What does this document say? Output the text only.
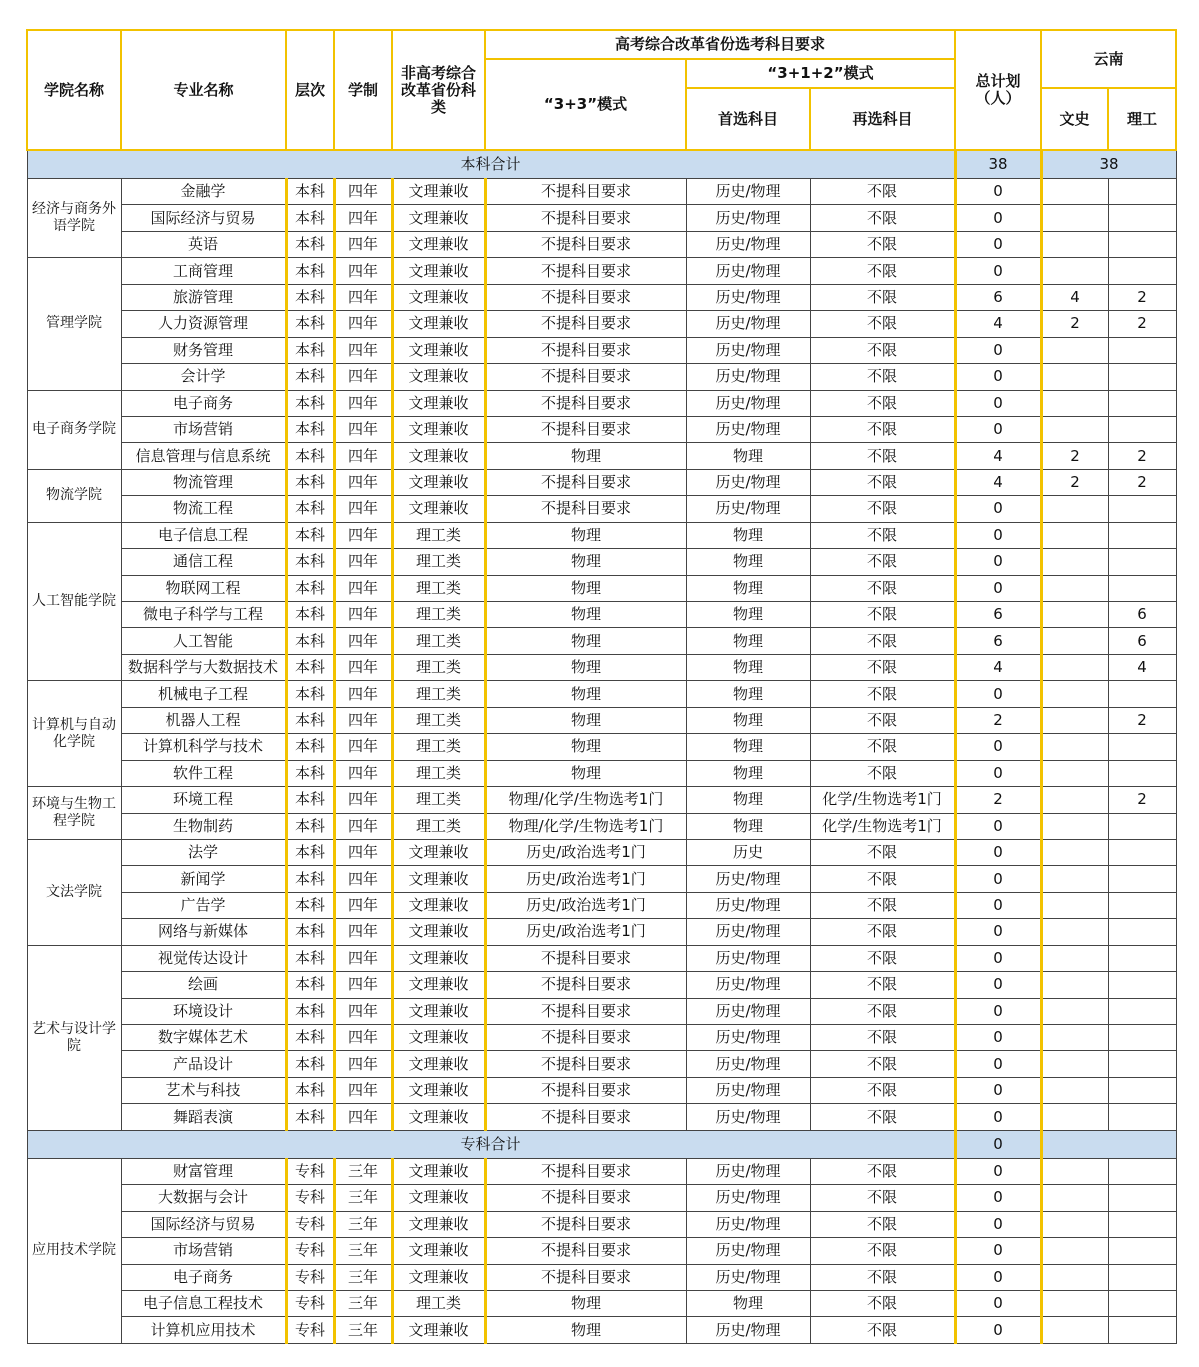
学院名称	专业名称	层次	学制	非高考综合改革省份科类	高考综合改革省份选考科目要求			总计划（人）	云南	
					“3+3”模式	“3+1+2”模式				
						首选科目	再选科目		文史	理工
本科合计								38	38	
经济与商务外语学院	金融学	本科	四年	文理兼收	不提科目要求	历史/物理	不限	0		
	国际经济与贸易	本科	四年	文理兼收	不提科目要求	历史/物理	不限	0		
	英语	本科	四年	文理兼收	不提科目要求	历史/物理	不限	0		
管理学院	工商管理	本科	四年	文理兼收	不提科目要求	历史/物理	不限	0		
	旅游管理	本科	四年	文理兼收	不提科目要求	历史/物理	不限	6	4	2
	人力资源管理	本科	四年	文理兼收	不提科目要求	历史/物理	不限	4	2	2
	财务管理	本科	四年	文理兼收	不提科目要求	历史/物理	不限	0		
	会计学	本科	四年	文理兼收	不提科目要求	历史/物理	不限	0		
电子商务学院	电子商务	本科	四年	文理兼收	不提科目要求	历史/物理	不限	0		
	市场营销	本科	四年	文理兼收	不提科目要求	历史/物理	不限	0		
	信息管理与信息系统	本科	四年	文理兼收	物理	物理	不限	4	2	2
物流学院	物流管理	本科	四年	文理兼收	不提科目要求	历史/物理	不限	4	2	2
	物流工程	本科	四年	文理兼收	不提科目要求	历史/物理	不限	0		
人工智能学院	电子信息工程	本科	四年	理工类	物理	物理	不限	0		
	通信工程	本科	四年	理工类	物理	物理	不限	0		
	物联网工程	本科	四年	理工类	物理	物理	不限	0		
	微电子科学与工程	本科	四年	理工类	物理	物理	不限	6		6
	人工智能	本科	四年	理工类	物理	物理	不限	6		6
	数据科学与大数据技术	本科	四年	理工类	物理	物理	不限	4		4
计算机与自动化学院	机械电子工程	本科	四年	理工类	物理	物理	不限	0		
	机器人工程	本科	四年	理工类	物理	物理	不限	2		2
	计算机科学与技术	本科	四年	理工类	物理	物理	不限	0		
	软件工程	本科	四年	理工类	物理	物理	不限	0		
环境与生物工程学院	环境工程	本科	四年	理工类	物理/化学/生物选考1门	物理	化学/生物选考1门	2		2
	生物制药	本科	四年	理工类	物理/化学/生物选考1门	物理	化学/生物选考1门	0		
文法学院	法学	本科	四年	文理兼收	历史/政治选考1门	历史	不限	0		
	新闻学	本科	四年	文理兼收	历史/政治选考1门	历史/物理	不限	0		
	广告学	本科	四年	文理兼收	历史/政治选考1门	历史/物理	不限	0		
	网络与新媒体	本科	四年	文理兼收	历史/政治选考1门	历史/物理	不限	0		
艺术与设计学院	视觉传达设计	本科	四年	文理兼收	不提科目要求	历史/物理	不限	0		
	绘画	本科	四年	文理兼收	不提科目要求	历史/物理	不限	0		
	环境设计	本科	四年	文理兼收	不提科目要求	历史/物理	不限	0		
	数字媒体艺术	本科	四年	文理兼收	不提科目要求	历史/物理	不限	0		
	产品设计	本科	四年	文理兼收	不提科目要求	历史/物理	不限	0		
	艺术与科技	本科	四年	文理兼收	不提科目要求	历史/物理	不限	0		
	舞蹈表演	本科	四年	文理兼收	不提科目要求	历史/物理	不限	0		
专科合计								0		
应用技术学院	财富管理	专科	三年	文理兼收	不提科目要求	历史/物理	不限	0		
	大数据与会计	专科	三年	文理兼收	不提科目要求	历史/物理	不限	0		
	国际经济与贸易	专科	三年	文理兼收	不提科目要求	历史/物理	不限	0		
	市场营销	专科	三年	文理兼收	不提科目要求	历史/物理	不限	0		
	电子商务	专科	三年	文理兼收	不提科目要求	历史/物理	不限	0		
	电子信息工程技术	专科	三年	理工类	物理	物理	不限	0		
	计算机应用技术	专科	三年	文理兼收	物理	历史/物理	不限	0		
